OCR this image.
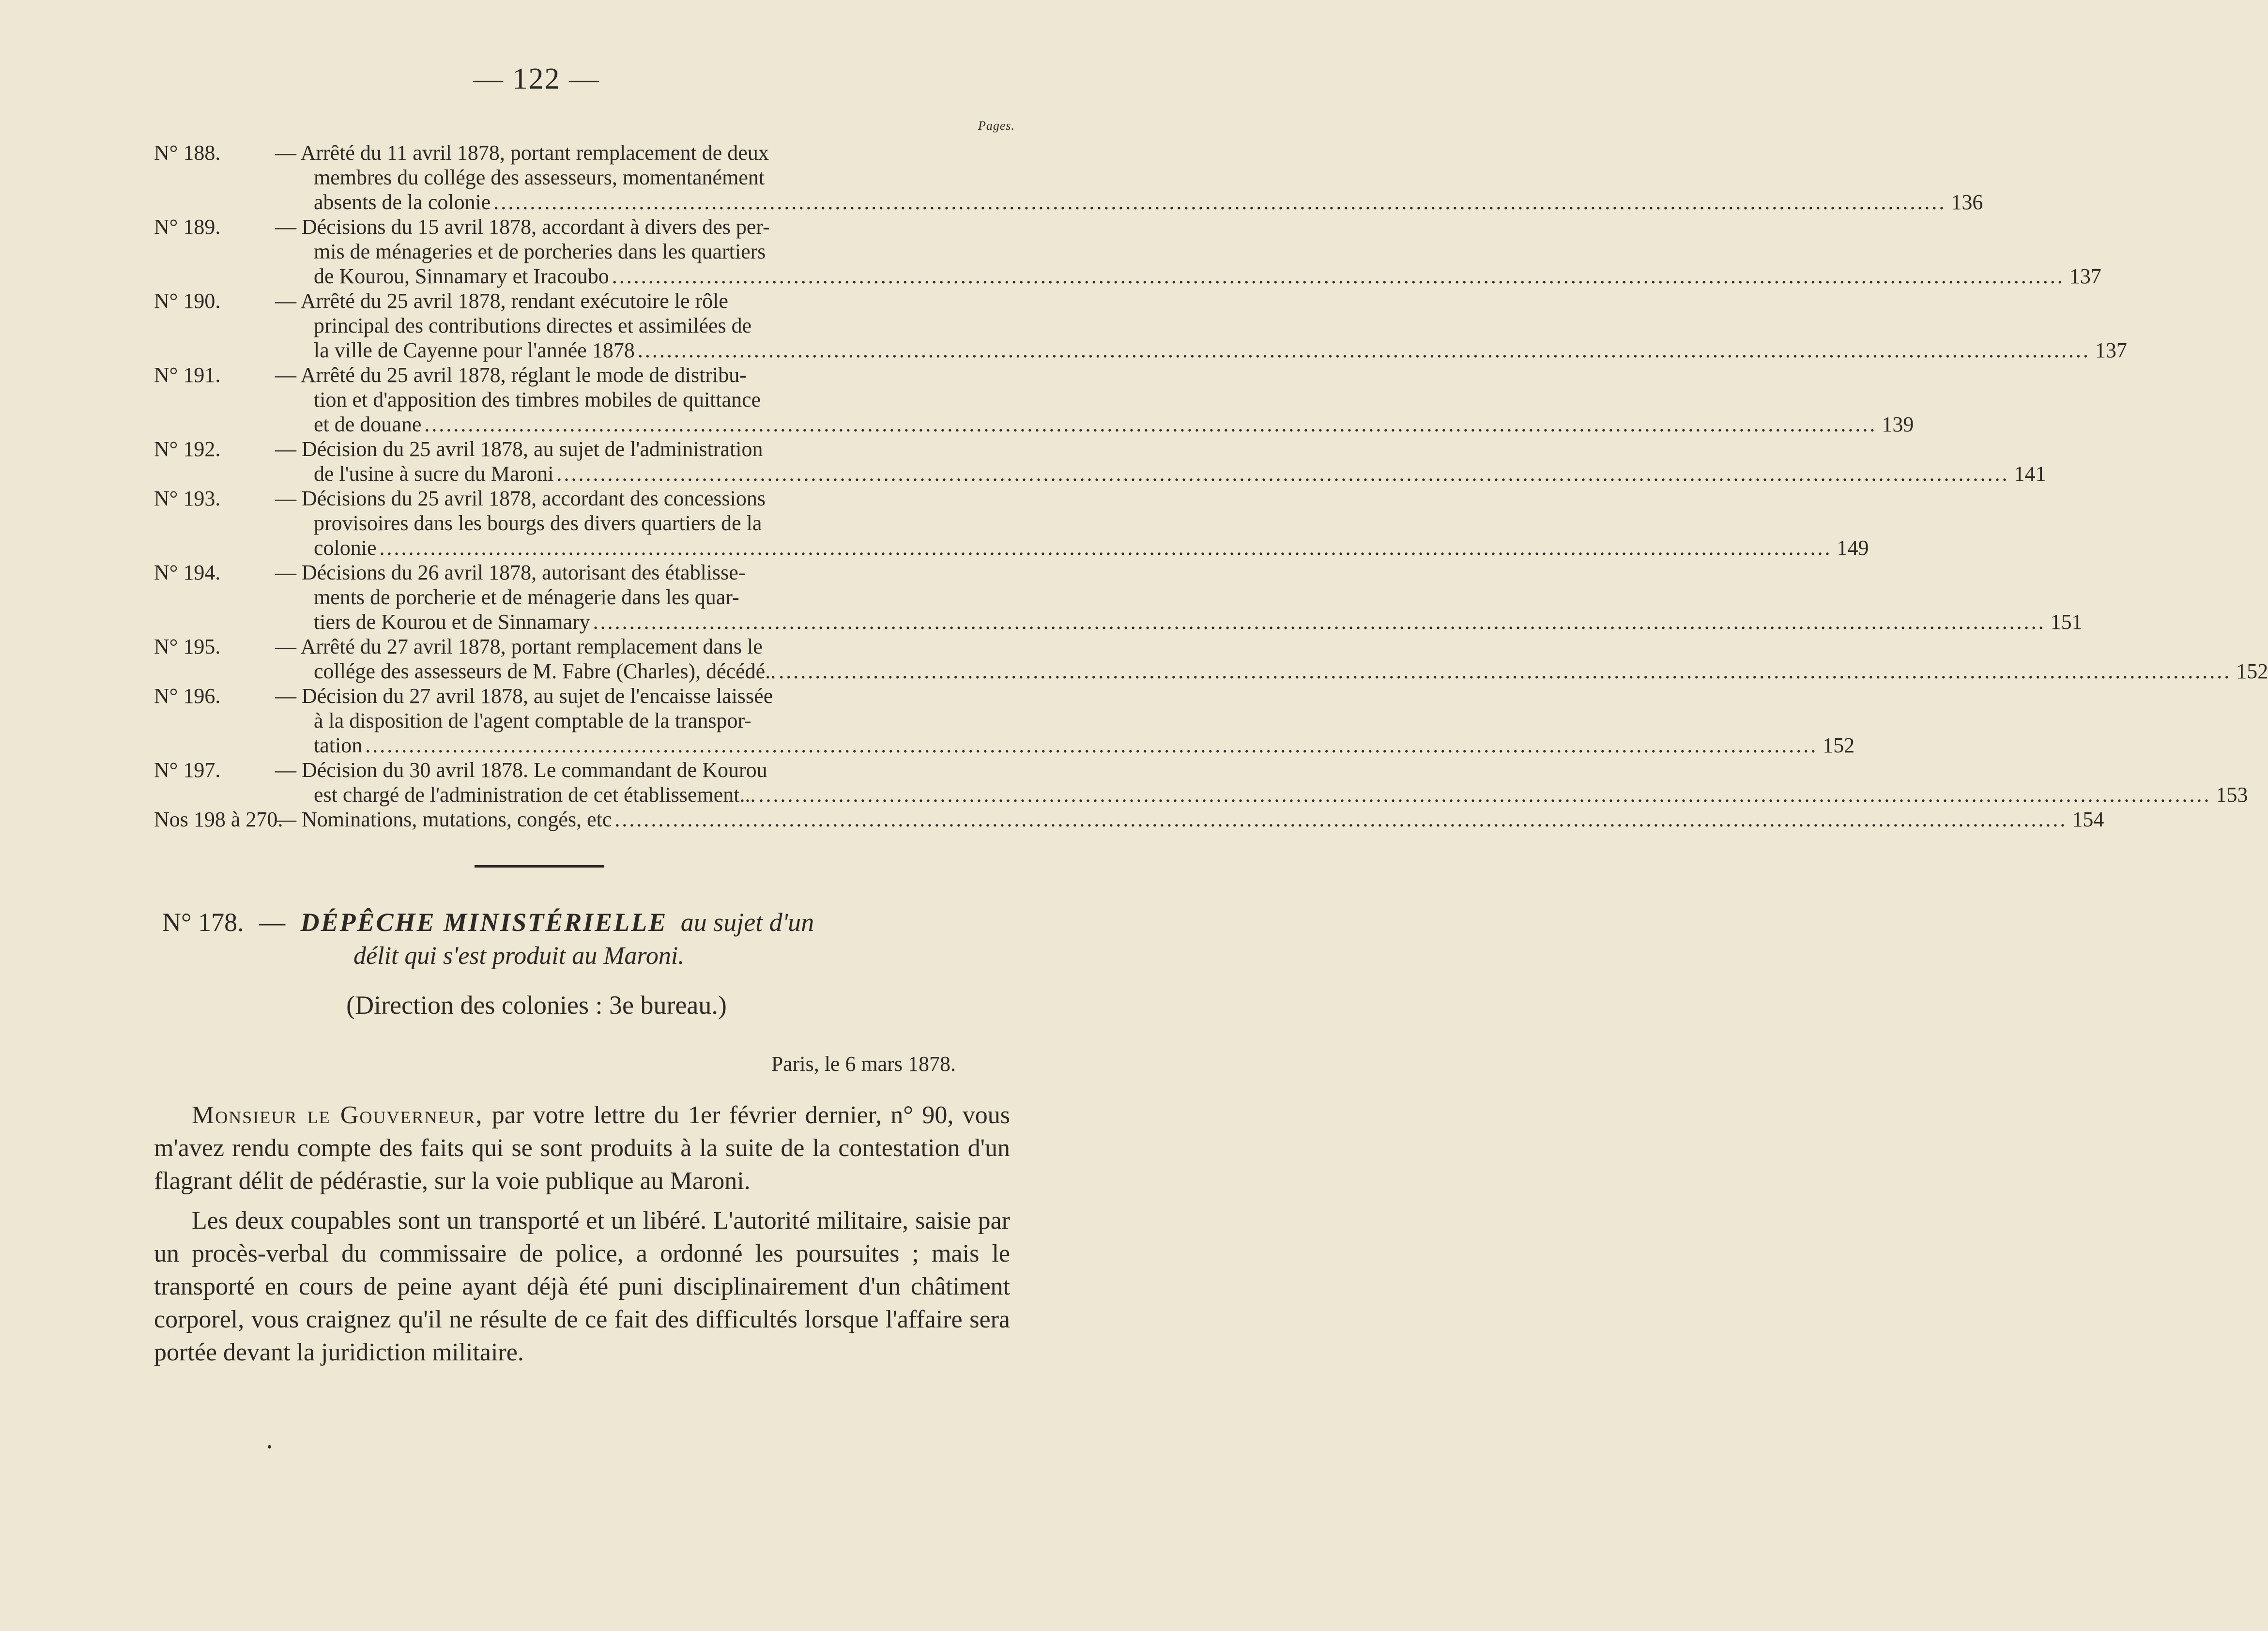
— 122 —
Pages.
N° 188.	— Arrêté du 11 avril 1878, portant remplacement de deux
membres du collége des assesseurs, momentanément
absents de la colonie ........................................................................................................................................................................................................ 136
N° 189.	— Décisions du 15 avril 1878, accordant à divers des per-
mis de ménageries et de porcheries dans les quartiers
de Kourou, Sinnamary et Iracoubo ........................................................................................................................................................................................................ 137
N° 190.	— Arrêté du 25 avril 1878, rendant exécutoire le rôle
principal des contributions directes et assimilées de
la ville de Cayenne pour l'année 1878 ........................................................................................................................................................................................................ 137
N° 191.	— Arrêté du 25 avril 1878, réglant le mode de distribu-
tion et d'apposition des timbres mobiles de quittance
et de douane ........................................................................................................................................................................................................ 139
N° 192.	— Décision du 25 avril 1878, au sujet de l'administration
de l'usine à sucre du Maroni ........................................................................................................................................................................................................ 141
N° 193.	— Décisions du 25 avril 1878, accordant des concessions
provisoires dans les bourgs des divers quartiers de la
colonie ........................................................................................................................................................................................................ 149
N° 194.	— Décisions du 26 avril 1878, autorisant des établisse-
ments de porcherie et de ménagerie dans les quar-
tiers de Kourou et de Sinnamary ........................................................................................................................................................................................................ 151
N° 195.	— Arrêté du 27 avril 1878, portant remplacement dans le
collége des assesseurs de M. Fabre (Charles), décédé.. ........................................................................................................................................................................................................ 152
N° 196.	— Décision du 27 avril 1878, au sujet de l'encaisse laissée
à la disposition de l'agent comptable de la transpor-
tation ........................................................................................................................................................................................................ 152
N° 197.	— Décision du 30 avril 1878. Le commandant de Kourou
est chargé de l'administration de cet établissement... ........................................................................................................................................................................................................ 153
Nos 198 à 270.
— Nominations, mutations, congés, etc ........................................................................................................................................................................................................ 154
N° 178. — DÉPÊCHE MINISTÉRIELLE au sujet d'un
délit qui s'est produit au Maroni.
(Direction des colonies : 3e bureau.)
Paris, le 6 mars 1878.

Monsieur le Gouverneur, par votre lettre du 1er février dernier, n° 90, vous m'avez rendu compte des faits qui se sont produits à la suite de la contestation d'un flagrant délit de pédérastie, sur la voie publique au Maroni.

Les deux coupables sont un transporté et un libéré. L'autorité militaire, saisie par un procès-verbal du commissaire de police, a ordonné les poursuites ; mais le transporté en cours de peine ayant déjà été puni disciplinairement d'un châtiment corporel, vous craignez qu'il ne résulte de ce fait des difficultés lorsque l'affaire sera portée devant la juridiction militaire.
